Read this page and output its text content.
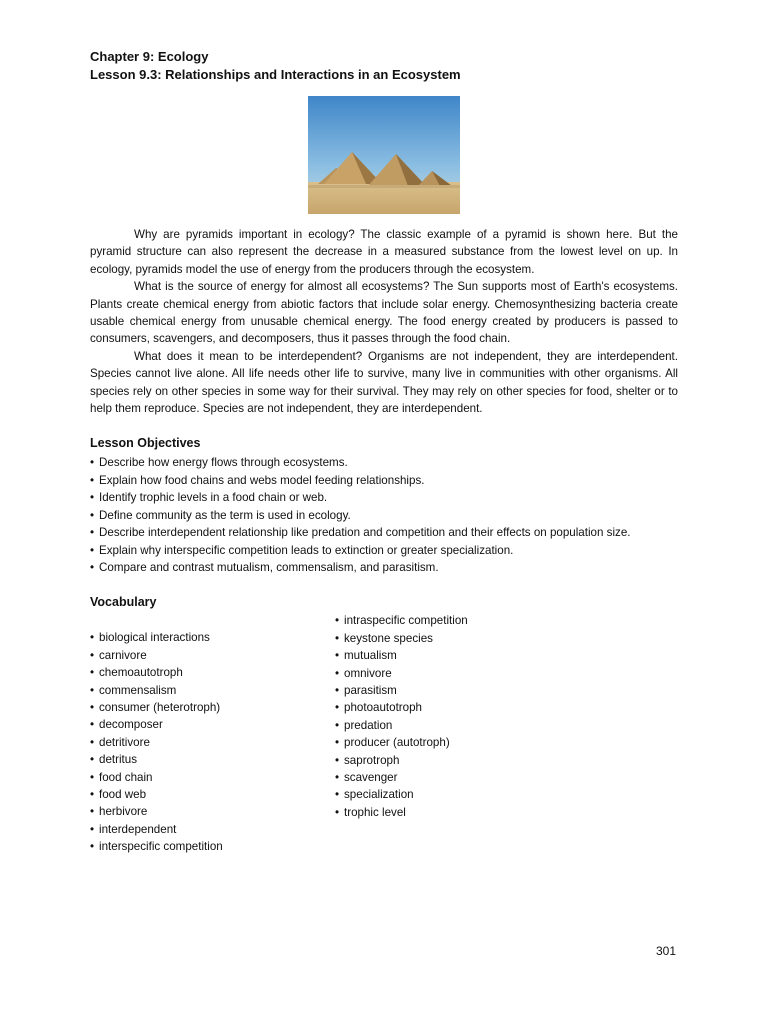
Chapter 9: Ecology

Lesson 9.3: Relationships and Interactions in an Ecosystem

Why are pyramids important in ecology? The classic example of a pyramid is shown here. But the pyramid structure can also represent the decrease in a measured substance from the lowest level on up. In ecology, pyramids model the use of energy from the producers through the ecosystem.

What is the source of energy for almost all ecosystems? The Sun supports most of Earth's ecosystems. Plants create chemical energy from abiotic factors that include solar energy. Chemosynthesizing bacteria create usable chemical energy from unusable chemical energy. The food energy created by producers is passed to consumers, scavengers, and decomposers, thus it passes through the food chain.

What does it mean to be interdependent? Organisms are not independent, they are interdependent. Species cannot live alone. All life needs other life to survive, many live in communities with other organisms. All species rely on other species in some way for their survival. They may rely on other species for food, shelter or to help them reproduce. Species are not independent, they are interdependent.

Lesson Objectives
• Describe how energy flows through ecosystems.
• Explain how food chains and webs model feeding relationships.
• Identify trophic levels in a food chain or web.
• Define community as the term is used in ecology.
• Describe interdependent relationship like predation and competition and their effects on population size.
• Explain why interspecific competition leads to extinction or greater specialization.
• Compare and contrast mutualism, commensalism, and parasitism.
Vocabulary
• biological interactions
• carnivore
• chemoautotroph
• commensalism
• consumer (heterotroph)
• decomposer
• detritivore
• detritus
• food chain
• food web
• herbivore
• interdependent
• interspecific competition
• intraspecific competition
• keystone species
• mutualism
• omnivore
• parasitism
• photoautotroph
• predation
• producer (autotroph)
• saprotroph
• scavenger
• specialization
• trophic level
301
